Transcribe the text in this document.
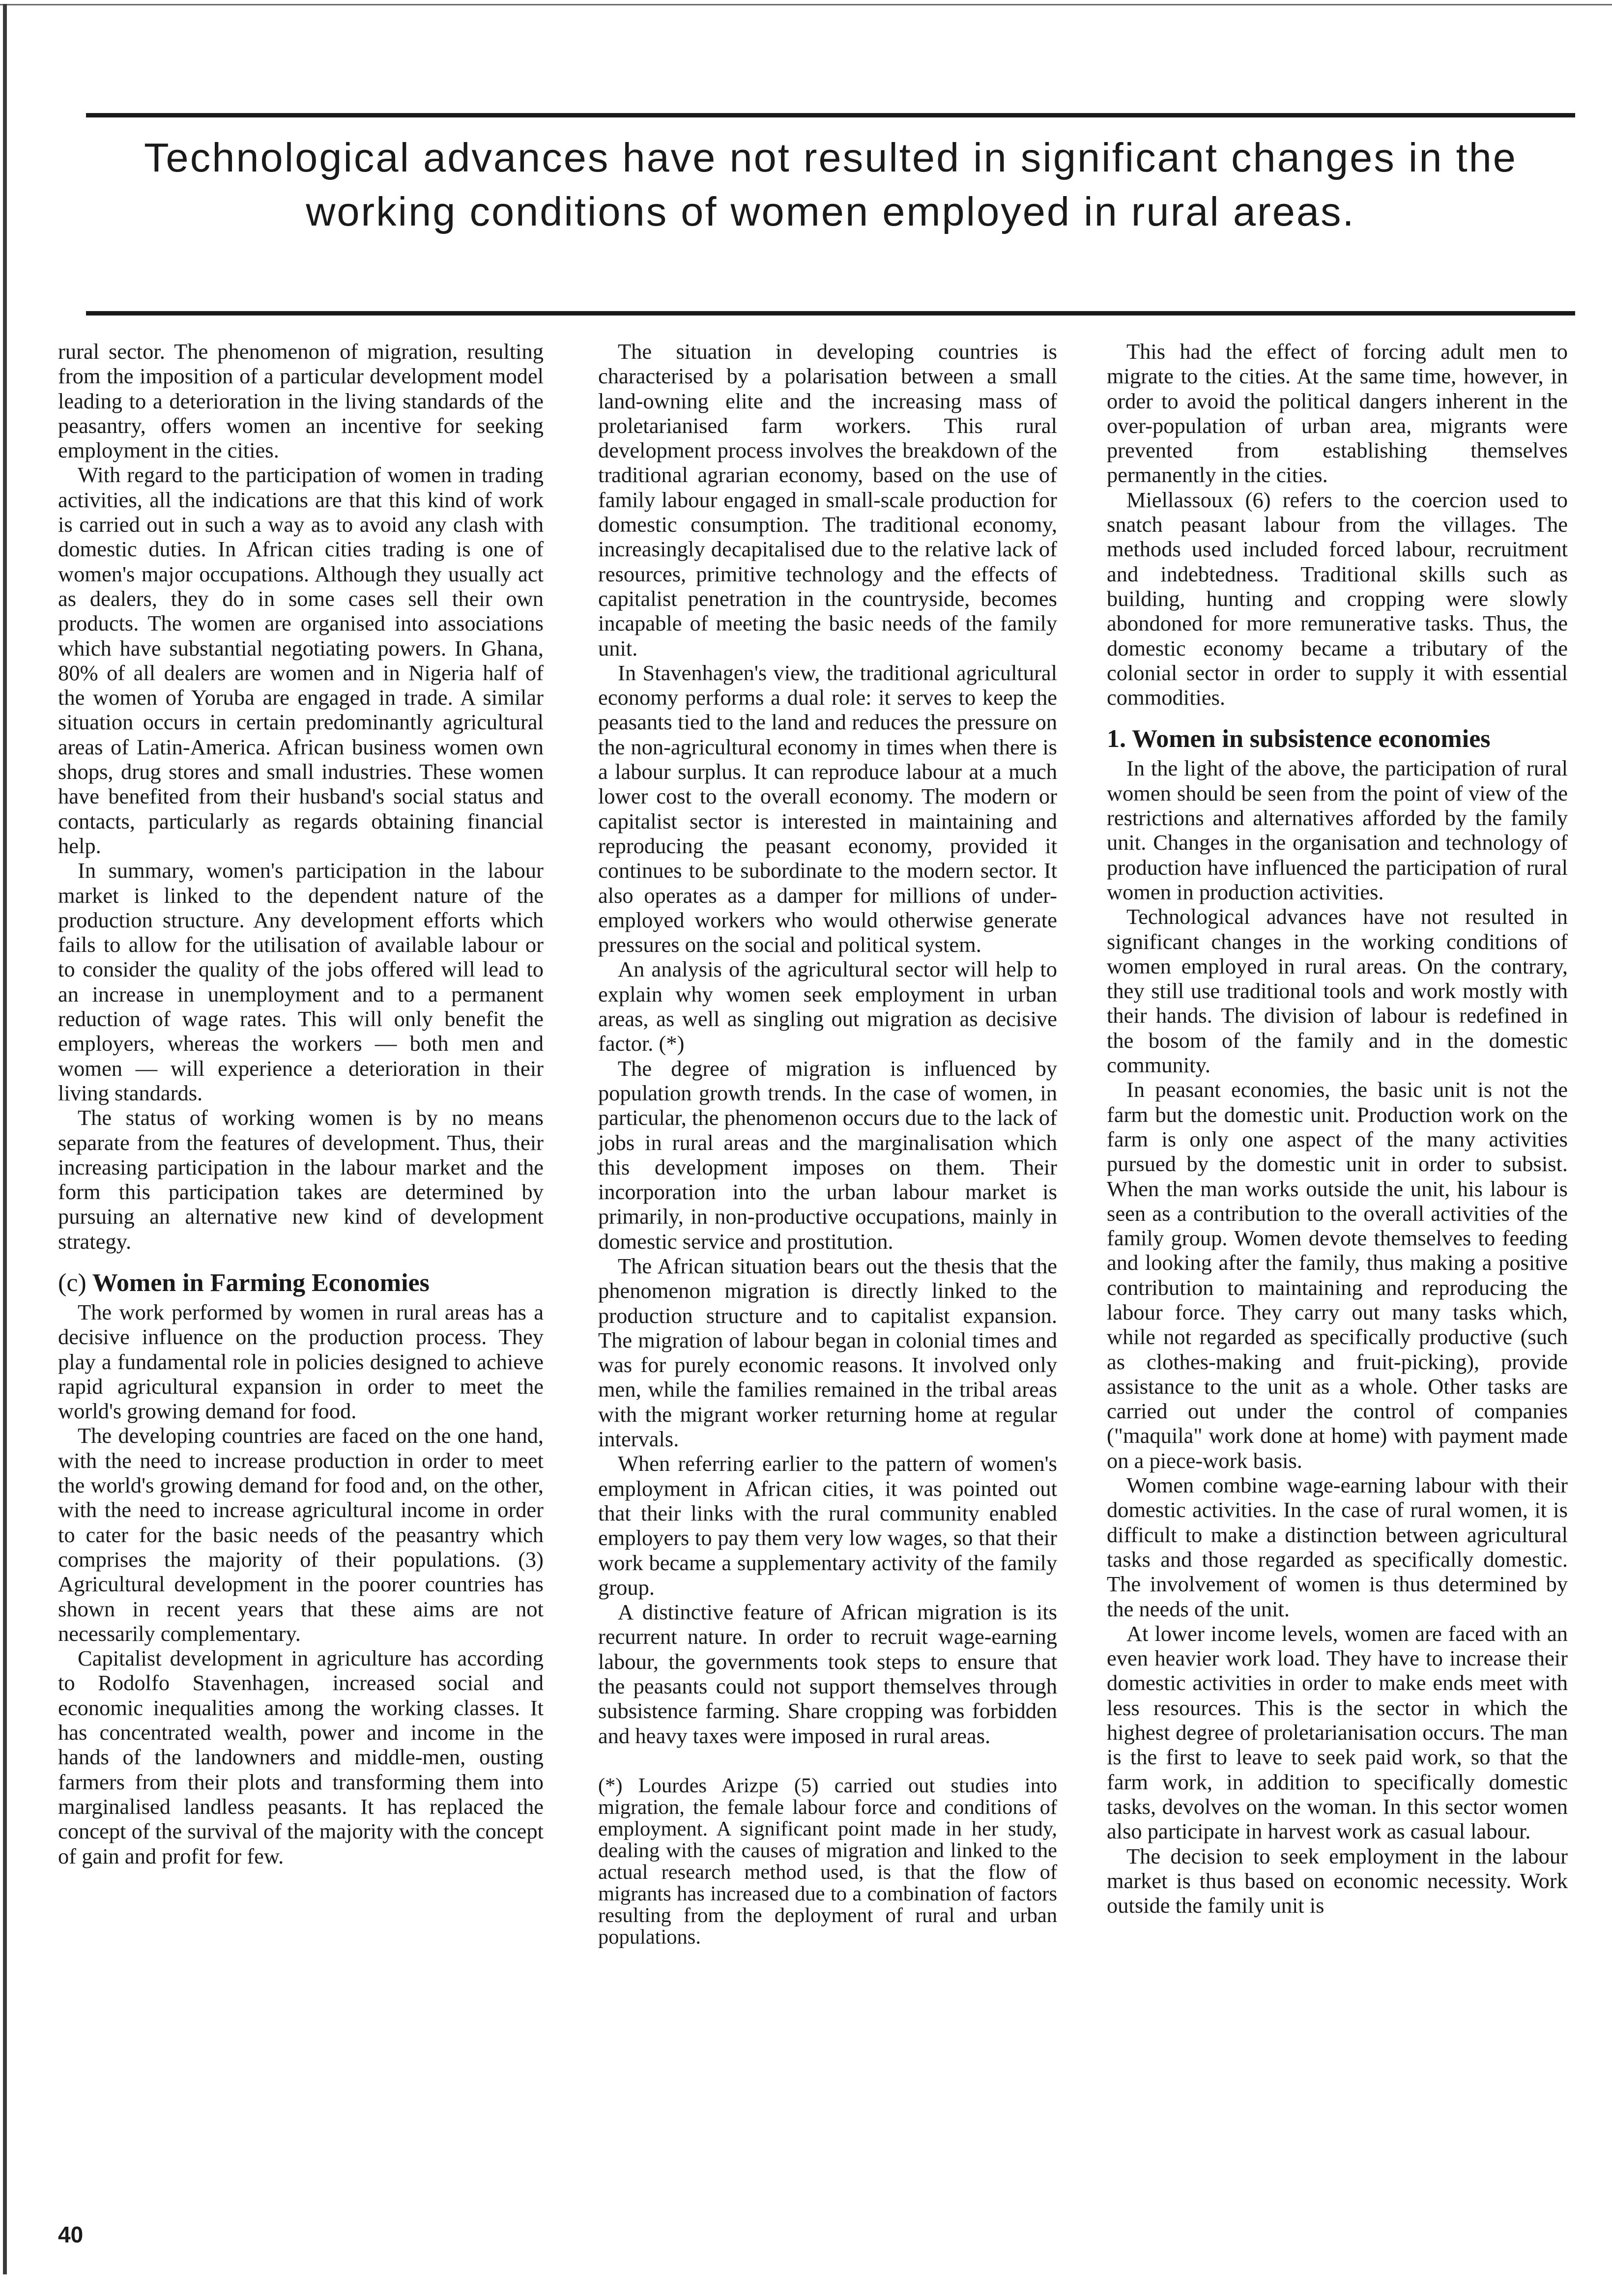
Technological advances have not resulted in significant changes in the working conditions of women employed in rural areas.

rural sector. The phenomenon of migration, resulting from the imposition of a particular development model leading to a deterioration in the living standards of the peasantry, offers women an incentive for seeking employment in the cities.

With regard to the participation of women in trading activities, all the indications are that this kind of work is carried out in such a way as to avoid any clash with domestic duties. In African cities trading is one of women's major occupations. Although they usually act as dealers, they do in some cases sell their own products. The women are organised into associations which have substantial negotiating powers. In Ghana, 80% of all dealers are women and in Nigeria half of the women of Yoruba are engaged in trade. A similar situation occurs in certain predominantly agricultural areas of Latin-America. African business women own shops, drug stores and small industries. These women have benefited from their husband's social status and contacts, particularly as regards obtaining financial help.

In summary, women's participation in the labour market is linked to the dependent nature of the production structure. Any development efforts which fails to allow for the utilisation of available labour or to consider the quality of the jobs offered will lead to an increase in unemployment and to a permanent reduction of wage rates. This will only benefit the employers, whereas the workers — both men and women — will experience a deterioration in their living standards.

The status of working women is by no means separate from the features of development. Thus, their increasing participation in the labour market and the form this participation takes are determined by pursuing an alternative new kind of development strategy.

(c) Women in Farming Economies

The work performed by women in rural areas has a decisive influence on the production process. They play a fundamental role in policies designed to achieve rapid agricultural expansion in order to meet the world's growing demand for food.

The developing countries are faced on the one hand, with the need to increase production in order to meet the world's growing demand for food and, on the other, with the need to increase agricultural income in order to cater for the basic needs of the peasantry which comprises the majority of their populations. (3) Agricultural development in the poorer countries has shown in recent years that these aims are not necessarily complementary.

Capitalist development in agriculture has according to Rodolfo Stavenhagen, increased social and economic inequalities among the working classes. It has concentrated wealth, power and income in the hands of the landowners and middle-men, ousting farmers from their plots and transforming them into marginalised landless peasants. It has replaced the concept of the survival of the majority with the concept of gain and profit for few.

The situation in developing countries is characterised by a polarisation between a small land-owning elite and the increasing mass of proletarianised farm workers. This rural development process involves the breakdown of the traditional agrarian economy, based on the use of family labour engaged in small-scale production for domestic consumption. The traditional economy, increasingly decapitalised due to the relative lack of resources, primitive technology and the effects of capitalist penetration in the countryside, becomes incapable of meeting the basic needs of the family unit.

In Stavenhagen's view, the traditional agricultural economy performs a dual role: it serves to keep the peasants tied to the land and reduces the pressure on the non-agricultural economy in times when there is a labour surplus. It can reproduce labour at a much lower cost to the overall economy. The modern or capitalist sector is interested in maintaining and reproducing the peasant economy, provided it continues to be subordinate to the modern sector. It also operates as a damper for millions of under-employed workers who would otherwise generate pressures on the social and political system.

An analysis of the agricultural sector will help to explain why women seek employment in urban areas, as well as singling out migration as decisive factor. (*)

The degree of migration is influenced by population growth trends. In the case of women, in particular, the phenomenon occurs due to the lack of jobs in rural areas and the marginalisation which this development imposes on them. Their incorporation into the urban labour market is primarily, in non-productive occupations, mainly in domestic service and prostitution.

The African situation bears out the thesis that the phenomenon migration is directly linked to the production structure and to capitalist expansion. The migration of labour began in colonial times and was for purely economic reasons. It involved only men, while the families remained in the tribal areas with the migrant worker returning home at regular intervals.

When referring earlier to the pattern of women's employment in African cities, it was pointed out that their links with the rural community enabled employers to pay them very low wages, so that their work became a supplementary activity of the family group.

A distinctive feature of African migration is its recurrent nature. In order to recruit wage-earning labour, the governments took steps to ensure that the peasants could not support themselves through subsistence farming. Share cropping was forbidden and heavy taxes were imposed in rural areas.

(*) Lourdes Arizpe (5) carried out studies into migration, the female labour force and conditions of employment. A significant point made in her study, dealing with the causes of migration and linked to the actual research method used, is that the flow of migrants has increased due to a combination of factors resulting from the deployment of rural and urban populations.

This had the effect of forcing adult men to migrate to the cities. At the same time, however, in order to avoid the political dangers inherent in the over-population of urban area, migrants were prevented from establishing themselves permanently in the cities.

Miellassoux (6) refers to the coercion used to snatch peasant labour from the villages. The methods used included forced labour, recruitment and indebtedness. Traditional skills such as building, hunting and cropping were slowly abondoned for more remunerative tasks. Thus, the domestic economy became a tributary of the colonial sector in order to supply it with essential commodities.

1. Women in subsistence economies

In the light of the above, the participation of rural women should be seen from the point of view of the restrictions and alternatives afforded by the family unit. Changes in the organisation and technology of production have influenced the participation of rural women in production activities.

Technological advances have not resulted in significant changes in the working conditions of women employed in rural areas. On the contrary, they still use traditional tools and work mostly with their hands. The division of labour is redefined in the bosom of the family and in the domestic community.

In peasant economies, the basic unit is not the farm but the domestic unit. Production work on the farm is only one aspect of the many activities pursued by the domestic unit in order to subsist. When the man works outside the unit, his labour is seen as a contribution to the overall activities of the family group. Women devote themselves to feeding and looking after the family, thus making a positive contribution to maintaining and reproducing the labour force. They carry out many tasks which, while not regarded as specifically productive (such as clothes-making and fruit-picking), provide assistance to the unit as a whole. Other tasks are carried out under the control of companies ("maquila" work done at home) with payment made on a piece-work basis.

Women combine wage-earning labour with their domestic activities. In the case of rural women, it is difficult to make a distinction between agricultural tasks and those regarded as specifically domestic. The involvement of women is thus determined by the needs of the unit.

At lower income levels, women are faced with an even heavier work load. They have to increase their domestic activities in order to make ends meet with less resources. This is the sector in which the highest degree of proletarianisation occurs. The man is the first to leave to seek paid work, so that the farm work, in addition to specifically domestic tasks, devolves on the woman. In this sector women also participate in harvest work as casual labour.

The decision to seek employment in the labour market is thus based on economic necessity. Work outside the family unit is

40
